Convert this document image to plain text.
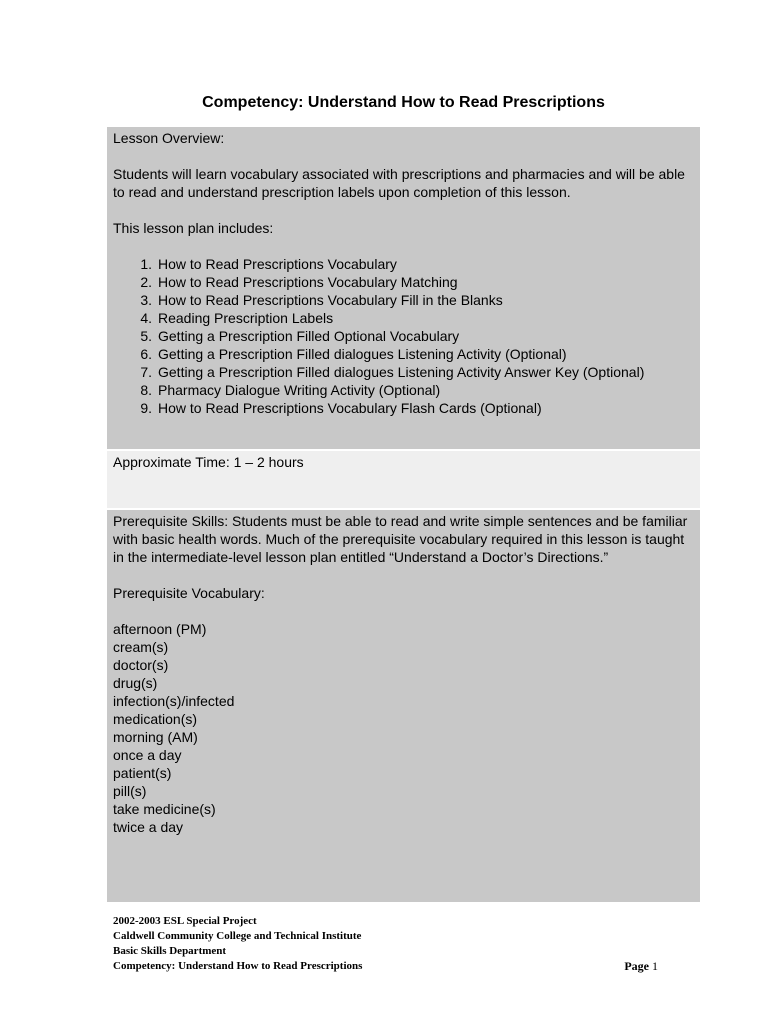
Competency: Understand How to Read Prescriptions

Lesson Overview:

Students will learn vocabulary associated with prescriptions and pharmacies and will be able to read and understand prescription labels upon completion of this lesson.

This lesson plan includes:

1. How to Read Prescriptions Vocabulary
2. How to Read Prescriptions Vocabulary Matching
3. How to Read Prescriptions Vocabulary Fill in the Blanks
4. Reading Prescription Labels
5. Getting a Prescription Filled Optional Vocabulary
6. Getting a Prescription Filled dialogues Listening Activity (Optional)
7. Getting a Prescription Filled dialogues Listening Activity Answer Key (Optional)
8. Pharmacy Dialogue Writing Activity (Optional)
9. How to Read Prescriptions Vocabulary Flash Cards (Optional)

Approximate Time: 1 – 2 hours

Prerequisite Skills: Students must be able to read and write simple sentences and be familiar with basic health words. Much of the prerequisite vocabulary required in this lesson is taught in the intermediate-level lesson plan entitled “Understand a Doctor’s Directions.”

Prerequisite Vocabulary:

afternoon (PM)
cream(s)
doctor(s)
drug(s)
infection(s)/infected
medication(s)
morning (AM)
once a day
patient(s)
pill(s)
take medicine(s)
twice a day
2002-2003 ESL Special Project
Caldwell Community College and Technical Institute
Basic Skills Department
Competency: Understand How to Read Prescriptions	Page 1
